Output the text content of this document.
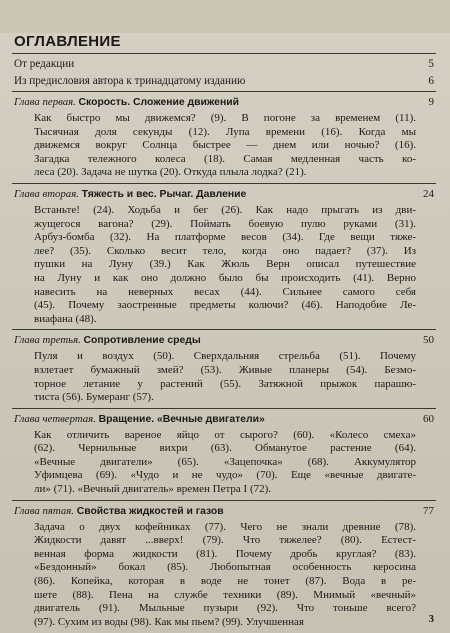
ОГЛАВЛЕНИЕ
От редакции	5
Из предисловия автора к тринадцатому изданию	6
Глава первая. Скорость. Сложение движений	9
Как быстро мы движемся? (9). В погоне за временем (11).
Тысячная доля секунды (12). Лупа времени (16). Когда мы
движемся вокруг Солнца быстрее — днем или ночью? (16).
Загадка тележного колеса (18). Самая медленная часть ко-
леса (20). Задача не шутка (20). Откуда плыла лодка? (21).
Глава вторая. Тяжесть и вес. Рычаг. Давление	24
Встаньте! (24). Ходьба и бег (26). Как надо прыгать из дви-
жущегося вагона? (29). Поймать боевую пулю руками (31).
Арбуз-бомба (32). На платформе весов (34). Где вещи тяже-
лее? (35). Сколько весит тело, когда оно падает? (37). Из
пушки на Луну (39.) Как Жюль Верн описал путешествие
на Луну и как оно должно было бы происходить (41). Верно
навесить на неверных весах (44). Сильнее самого себя
(45). Почему заостренные предметы колючи? (46). Наподобие Ле-
виафана (48).
Глава третья. Сопротивление среды	50
Пуля и воздух (50). Сверхдальняя стрельба (51). Почему
взлетает бумажный змей? (53). Живые планеры (54). Безмо-
торное летание у растений (55). Затяжной прыжок парашю-
тиста (56). Бумеранг (57).
Глава четвертая. Вращение. «Вечные двигатели»	60
Как отличить вареное яйцо от сырого? (60). «Колесо смеха»
(62). Чернильные вихри (63). Обманутое растение (64).
«Вечные двигатели» (65). «Зацепочка» (68). Аккумулятор
Уфимцева (69). «Чудо и не чудо» (70). Еще «вечные двигате-
ли» (71). «Вечный двигатель» времен Петра I (72).
Глава пятая. Свойства жидкостей и газов	77
Задача о двух кофейниках (77). Чего не знали древние (78).
Жидкости давят ...вверх! (79). Что тяжелее? (80). Естест-
венная форма жидкости (81). Почему дробь круглая? (83).
«Бездонный» бокал (85). Любопытная особенность керосина
(86). Копейка, которая в воде не тонет (87). Вода в ре-
шете (88). Пена на службе техники (89). Мнимый «вечный»
двигатель (91). Мыльные пузыри (92). Что тоньше всего?
(97). Сухим из воды (98). Как мы пьем? (99). Улучшенная	3
